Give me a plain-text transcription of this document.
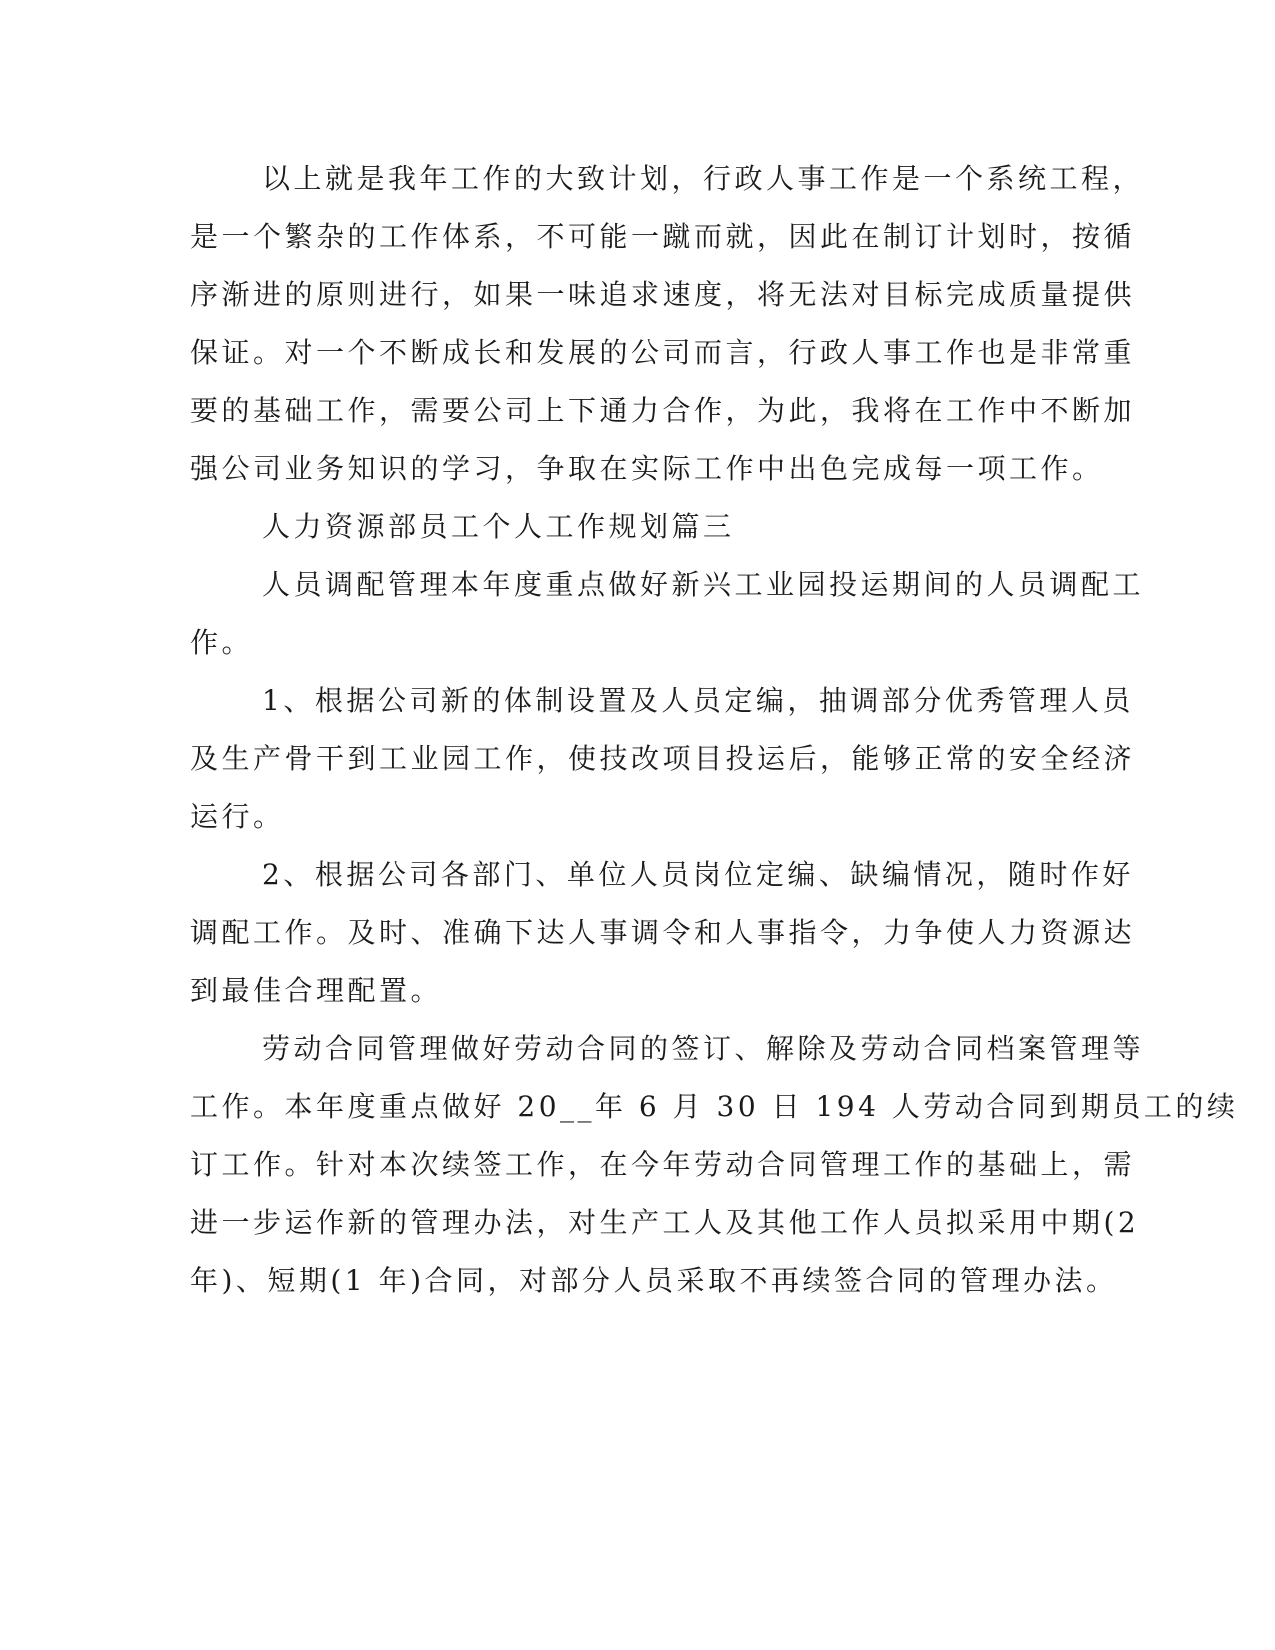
以上就是我年工作的大致计划，行政人事工作是一个系统工程，
是一个繁杂的工作体系，不可能一蹴而就，因此在制订计划时，按循
序渐进的原则进行，如果一味追求速度，将无法对目标完成质量提供
保证。对一个不断成长和发展的公司而言，行政人事工作也是非常重
要的基础工作，需要公司上下通力合作，为此，我将在工作中不断加
强公司业务知识的学习，争取在实际工作中出色完成每一项工作。
人力资源部员工个人工作规划篇三
人员调配管理本年度重点做好新兴工业园投运期间的人员调配工
作。
1、根据公司新的体制设置及人员定编，抽调部分优秀管理人员
及生产骨干到工业园工作，使技改项目投运后，能够正常的安全经济
运行。
2、根据公司各部门、单位人员岗位定编、缺编情况，随时作好
调配工作。及时、准确下达人事调令和人事指令，力争使人力资源达
到最佳合理配置。
劳动合同管理做好劳动合同的签订、解除及劳动合同档案管理等
工作。本年度重点做好 20__年 6 月 30 日 194 人劳动合同到期员工的续
订工作。针对本次续签工作，在今年劳动合同管理工作的基础上，需
进一步运作新的管理办法，对生产工人及其他工作人员拟采用中期(2
年)、短期(1 年)合同，对部分人员采取不再续签合同的管理办法。
